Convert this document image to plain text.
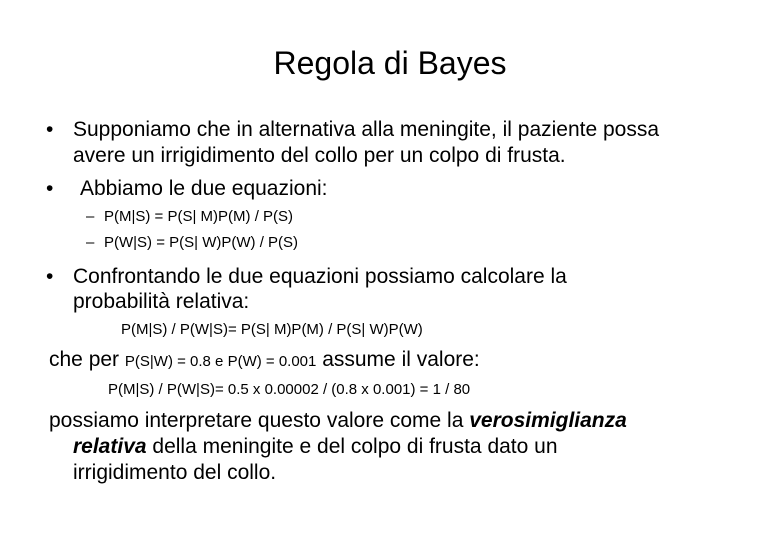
Regola di Bayes
• Supponiamo che in alternativa alla meningite, il paziente possa
avere un irrigidimento del collo per un colpo di frusta.
• Abbiamo le due equazioni:
– P(M|S) = P(S| M)P(M) / P(S)
– P(W|S) = P(S| W)P(W) / P(S)
• Confrontando le due equazioni possiamo calcolare la
probabilità relativa:
P(M|S) / P(W|S)= P(S| M)P(M) / P(S| W)P(W)
che per P(S|W) = 0.8 e P(W) = 0.001 assume il valore:
P(M|S) / P(W|S)= 0.5 x 0.00002 / (0.8 x 0.001) = 1 / 80
possiamo interpretare questo valore come la verosimiglianza
relativa della meningite e del colpo di frusta dato un
irrigidimento del collo.
